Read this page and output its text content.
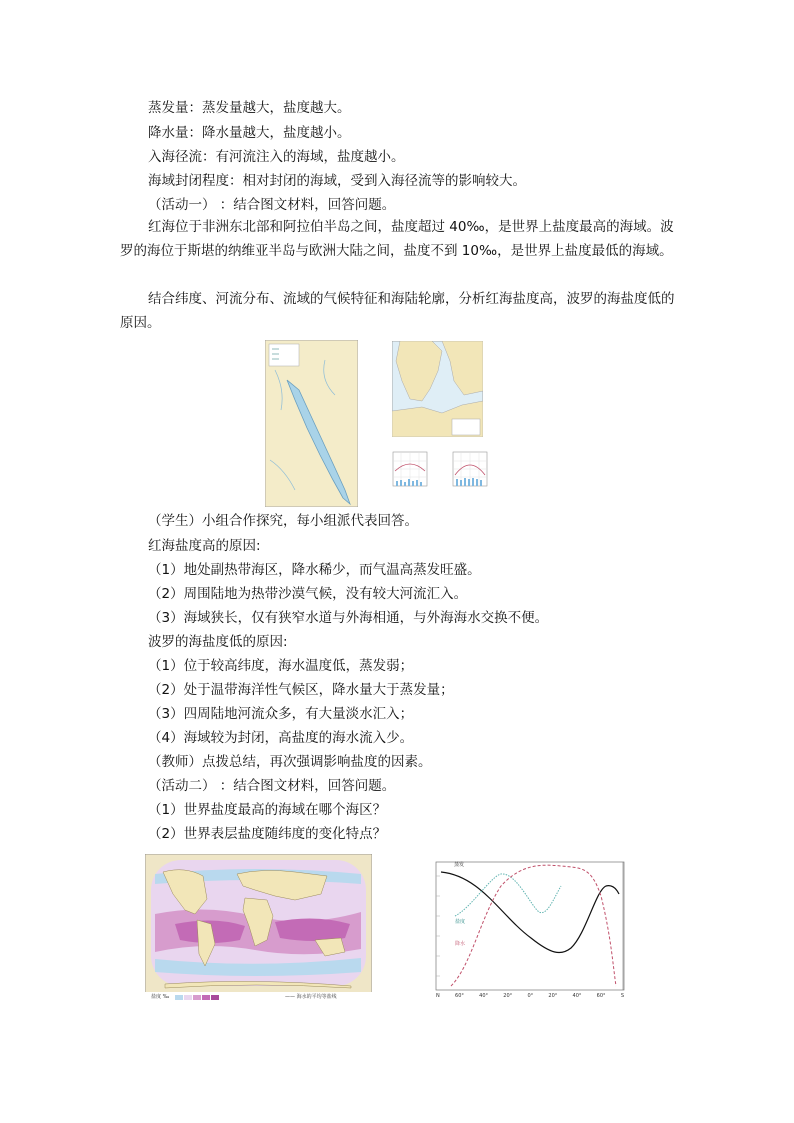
蒸发量：蒸发量越大，盐度越大。
降水量：降水量越大，盐度越小。
入海径流：有河流注入的海域，盐度越小。
海域封闭程度：相对封闭的海域，受到入海径流等的影响较大。
（活动一） ：结合图文材料，回答问题。
红海位于非洲东北部和阿拉伯半岛之间，盐度超过 40‰，是世界上盐度最高的海域。波罗的海位于斯堪的纳维亚半岛与欧洲大陆之间，盐度不到 10‰，是世界上盐度最低的海域。
结合纬度、河流分布、流域的气候特征和海陆轮廓，分析红海盐度高，波罗的海盐度低的原因。
（学生）小组合作探究，每小组派代表回答。
红海盐度高的原因:
（1）地处副热带海区，降水稀少，而气温高蒸发旺盛。
（2）周围陆地为热带沙漠气候，没有较大河流汇入。
（3）海域狭长，仅有狭窄水道与外海相通，与外海海水交换不便。
波罗的海盐度低的原因:
（1）位于较高纬度，海水温度低，蒸发弱；
（2）处于温带海洋性气候区，降水量大于蒸发量；
（3）四周陆地河流众多，有大量淡水汇入；
（4）海域较为封闭，高盐度的海水流入少。
（教师）点拨总结，再次强调影响盐度的因素。
（活动二） ：结合图文材料，回答问题。
（1）世界盐度最高的海域在哪个海区？
（2）世界表层盐度随纬度的变化特点？
盐度 ‰	—— 海水的平均等盐线
蒸发
盐度
降水
N	60°	40°	20°	0°	20°	40°	60°	S
